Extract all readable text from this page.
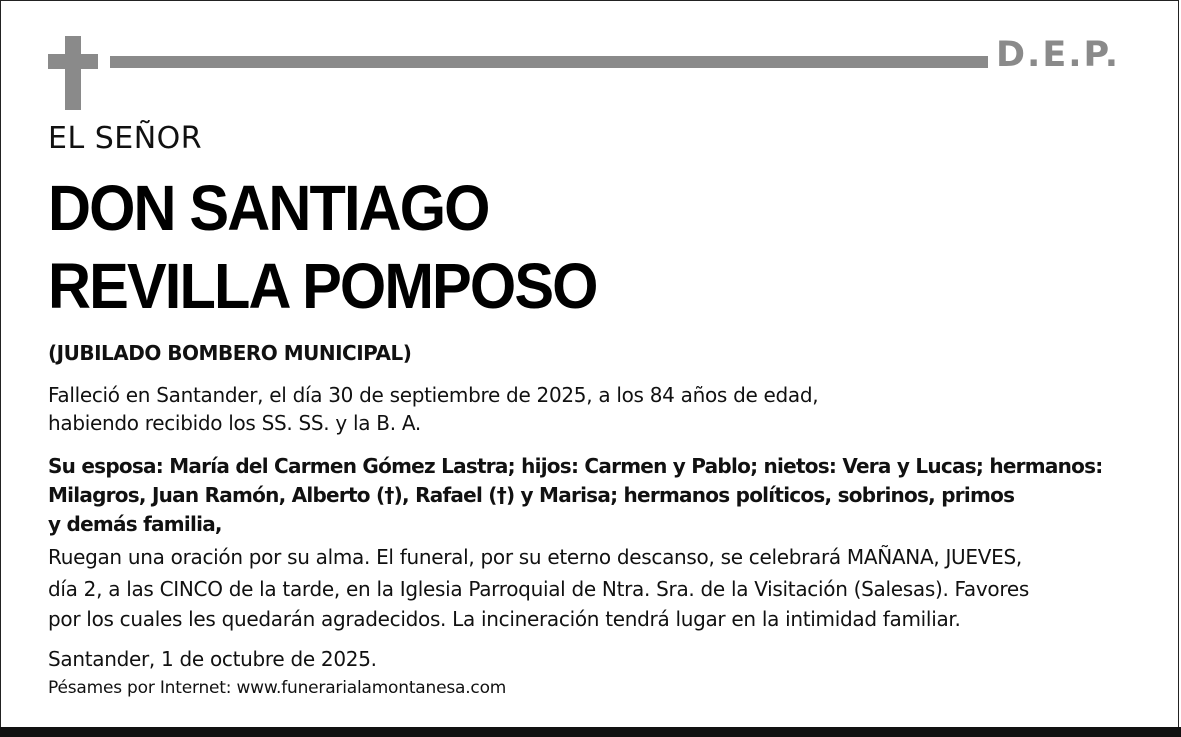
D.E.P.
EL SEÑOR
DON SANTIAGO
REVILLA POMPOSO
(JUBILADO BOMBERO MUNICIPAL)
Falleció en Santander, el día 30 de septiembre de 2025, a los 84 años de edad,
habiendo recibido los SS. SS. y la B. A.
Su esposa: María del Carmen Gómez Lastra; hijos: Carmen y Pablo; nietos: Vera y Lucas; hermanos:
Milagros, Juan Ramón, Alberto (†), Rafael (†) y Marisa; hermanos políticos, sobrinos, primos
y demás familia,
Ruegan una oración por su alma. El funeral, por su eterno descanso, se celebrará MAÑANA, JUEVES,
día 2, a las CINCO de la tarde, en la Iglesia Parroquial de Ntra. Sra. de la Visitación (Salesas). Favores
por los cuales les quedarán agradecidos. La incineración tendrá lugar en la intimidad familiar.
Santander, 1 de octubre de 2025.
Pésames por Internet: www.funerarialamontanesa.com
